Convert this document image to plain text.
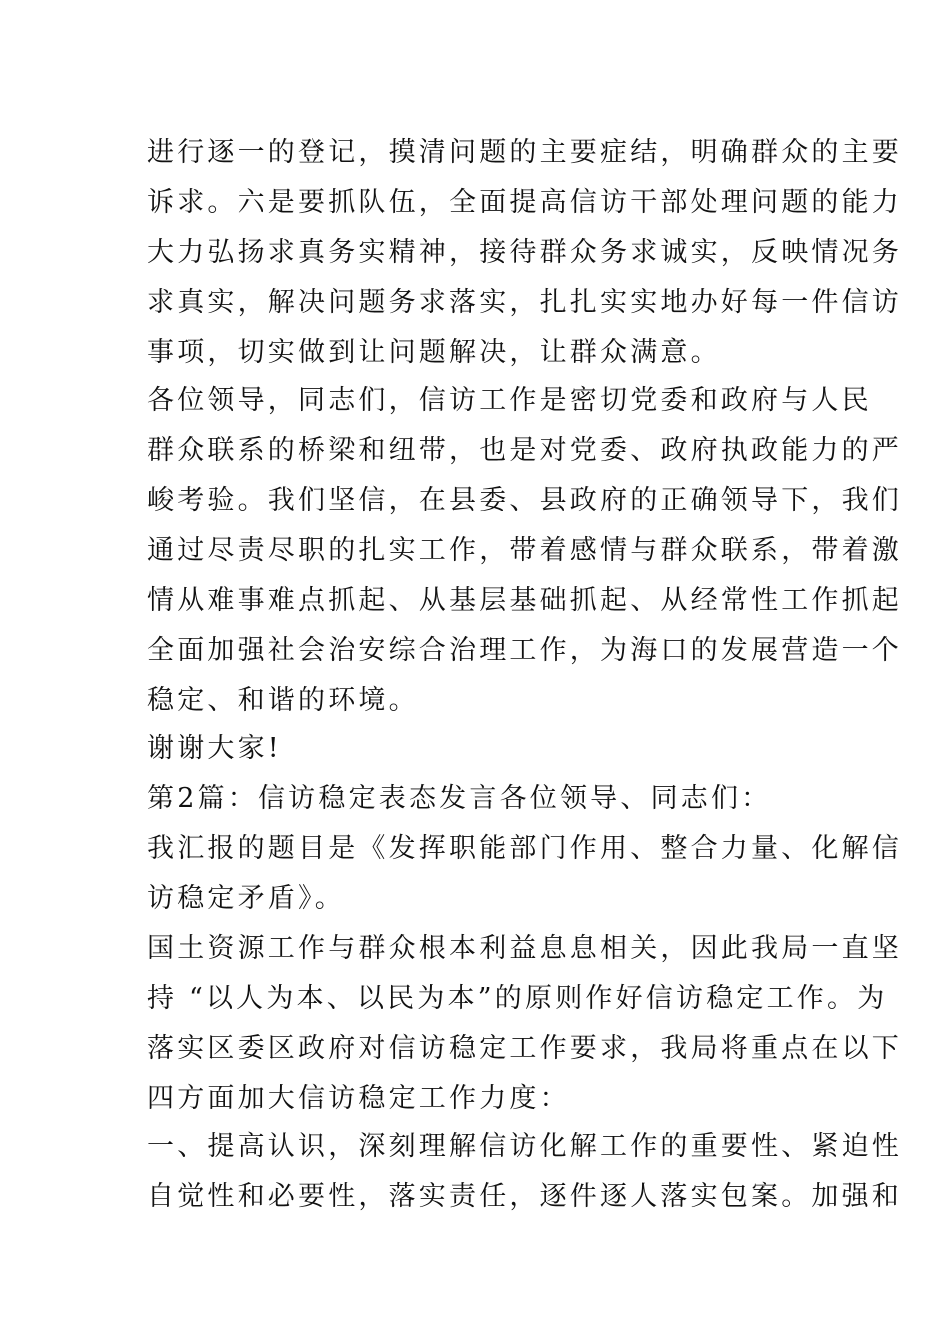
进行逐一的登记，摸清问题的主要症结，明确群众的主要
诉求。六是要抓队伍，全面提高信访干部处理问题的能力
大力弘扬求真务实精神，接待群众务求诚实，反映情况务
求真实，解决问题务求落实，扎扎实实地办好每一件信访
事项，切实做到让问题解决，让群众满意。
各位领导，同志们，信访工作是密切党委和政府与人民
群众联系的桥梁和纽带，也是对党委、政府执政能力的严
峻考验。我们坚信，在县委、县政府的正确领导下，我们
通过尽责尽职的扎实工作，带着感情与群众联系，带着激
情从难事难点抓起、从基层基础抓起、从经常性工作抓起
全面加强社会治安综合治理工作，为海口的发展营造一个
稳定、和谐的环境。
谢谢大家!
第2篇：信访稳定表态发言各位领导、同志们：
我汇报的题目是《发挥职能部门作用、整合力量、化解信
访稳定矛盾》。
国土资源工作与群众根本利益息息相关，因此我局一直坚
持 “以人为本、以民为本”的原则作好信访稳定工作。为
落实区委区政府对信访稳定工作要求，我局将重点在以下
四方面加大信访稳定工作力度：
一、提高认识，深刻理解信访化解工作的重要性、紧迫性
自觉性和必要性，落实责任，逐件逐人落实包案。加强和
